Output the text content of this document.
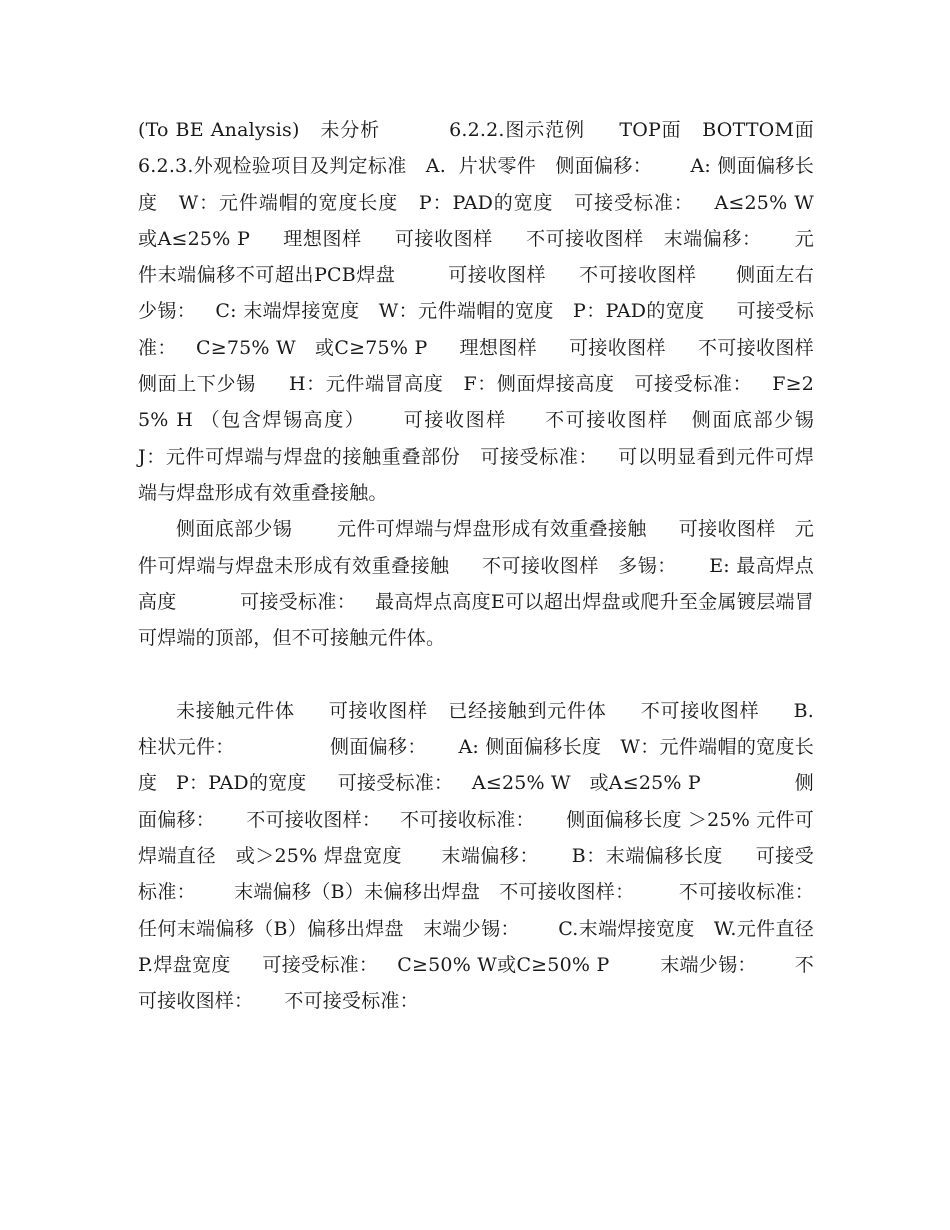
(To BE Analysis)   未分析          6.2.2.图示范例     TOP面   BOTTOM面      6.2.3.外观检验项目及判定标准   A.  片状零件   侧面偏移：      A: 侧面偏移长度   W：元件端帽的宽度长度   P：PAD的宽度   可接受标准：   A≤25% W   或A≤25% P     理想图样     可接收图样     不可接收图样   末端偏移：     元件末端偏移不可超出PCB焊盘        可接收图样     不可接收图样      侧面左右少锡：   C: 末端焊接宽度   W：元件端帽的宽度   P：PAD的宽度     可接受标准：   C≥75% W   或C≥75% P     理想图样     可接收图样     不可接收图样   侧面上下少锡     H：元件端冒高度   F：侧面焊接高度   可接受标准：   F≥25% H （包含焊锡高度）     可接收图样     不可接收图样   侧面底部少锡     J：元件可焊端与焊盘的接触重叠部份   可接受标准：   可以明显看到元件可焊端与焊盘形成有效重叠接触。

侧面底部少锡       元件可焊端与焊盘形成有效重叠接触     可接收图样   元件可焊端与焊盘未形成有效重叠接触     不可接收图样   多锡：     E: 最高焊点高度          可接受标准：   最高焊点高度E可以超出焊盘或爬升至金属镀层端冒可焊端的顶部，但不可接触元件体。

未接触元件体     可接收图样   已经接触到元件体     不可接收图样     B. 柱状元件：               侧面偏移：     A: 侧面偏移长度   W：元件端帽的宽度长度   P：PAD的宽度     可接受标准：   A≤25% W   或A≤25% P               侧面偏移：     不可接收图样：   不可接收标准：     侧面偏移长度 ＞25% 元件可焊端直径   或＞25% 焊盘宽度      末端偏移：     B：末端偏移长度     可接受标准：      末端偏移（B）未偏移出焊盘   不可接收图样：       不可接收标准：   任何末端偏移（B）偏移出焊盘   末端少锡：      C.末端焊接宽度   W.元件直径   P.焊盘宽度     可接受标准：   C≥50% W或C≥50% P        末端少锡：      不可接收图样：     不可接受标准：
